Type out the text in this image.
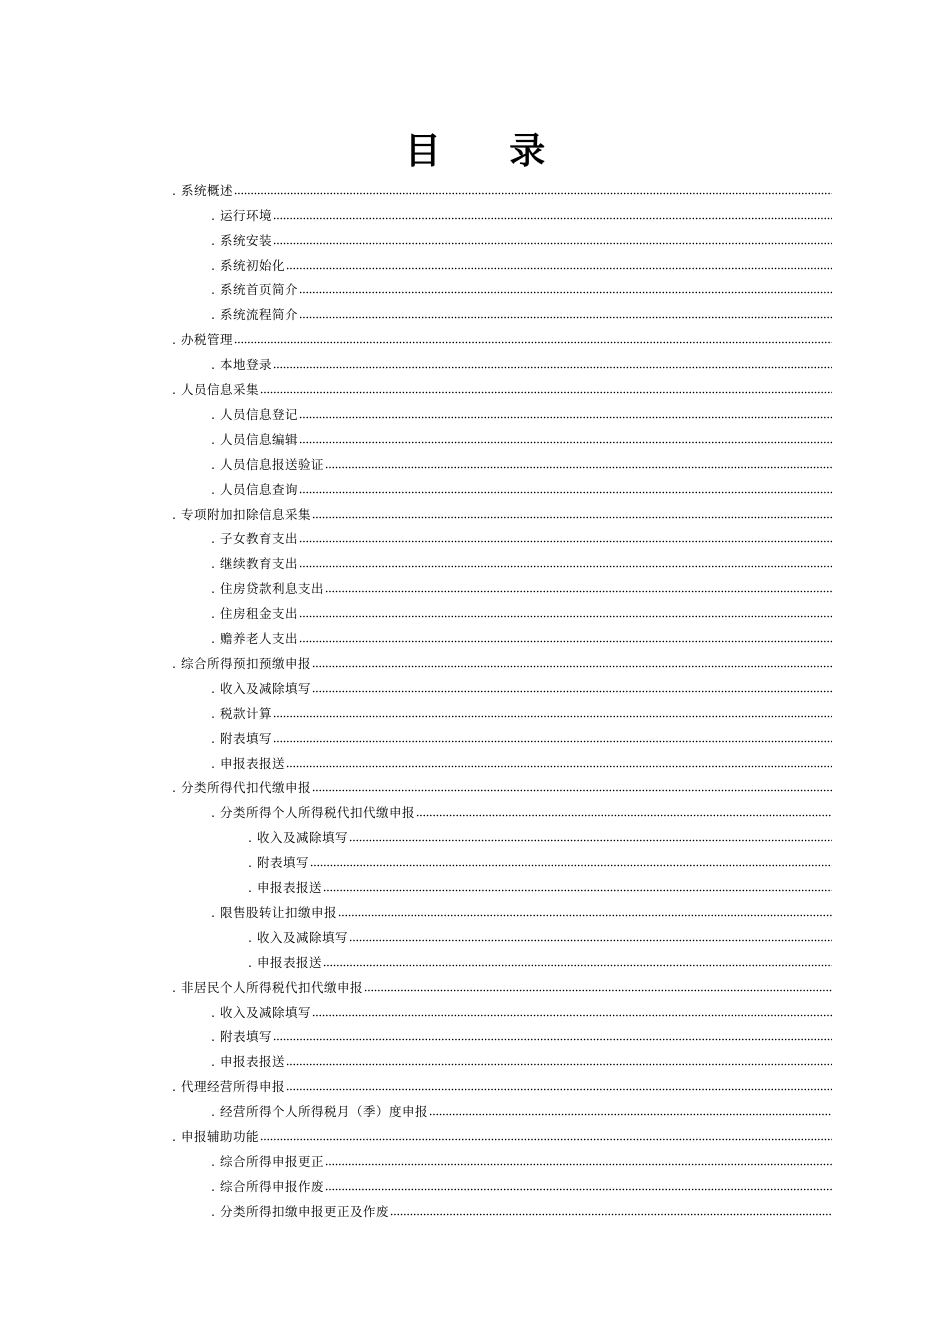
目 录
. 系统概述
. 运行环境
. 系统安装
. 系统初始化
. 系统首页简介
. 系统流程简介
. 办税管理
. 本地登录
. 人员信息采集
. 人员信息登记
. 人员信息编辑
. 人员信息报送验证
. 人员信息查询
. 专项附加扣除信息采集
. 子女教育支出
. 继续教育支出
. 住房贷款利息支出
. 住房租金支出
. 赡养老人支出
. 综合所得预扣预缴申报
. 收入及减除填写
. 税款计算
. 附表填写
. 申报表报送
. 分类所得代扣代缴申报
. 分类所得个人所得税代扣代缴申报
. 收入及减除填写
. 附表填写
. 申报表报送
. 限售股转让扣缴申报
. 收入及减除填写
. 申报表报送
. 非居民个人所得税代扣代缴申报
. 收入及减除填写
. 附表填写
. 申报表报送
. 代理经营所得申报
. 经营所得个人所得税月（季）度申报
. 申报辅助功能
. 综合所得申报更正
. 综合所得申报作废
. 分类所得扣缴申报更正及作废
